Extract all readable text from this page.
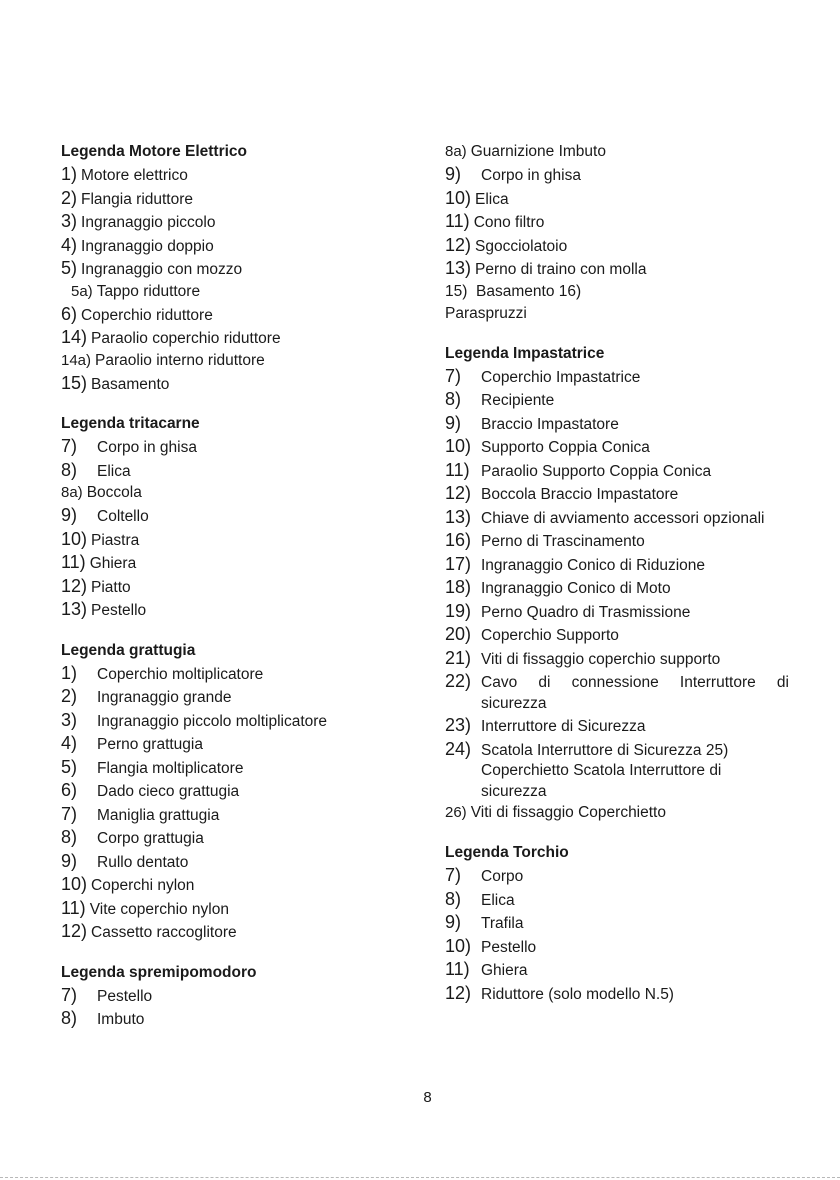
Legenda Motore Elettrico
1) Motore elettrico
2) Flangia riduttore
3) Ingranaggio piccolo
4) Ingranaggio doppio
5) Ingranaggio con mozzo
5a) Tappo riduttore
6) Coperchio riduttore
14) Paraolio coperchio riduttore
14a) Paraolio interno riduttore
15) Basamento
Legenda tritacarne
7)	Corpo in ghisa
8)	Elica
8a) Boccola
9)	Coltello
10) Piastra
11) Ghiera
12) Piatto
13) Pestello
Legenda grattugia
1)	Coperchio moltiplicatore
2)	Ingranaggio grande
3)	Ingranaggio piccolo moltiplicatore
4)	Perno grattugia
5)	Flangia moltiplicatore
6)	Dado cieco grattugia
7)	Maniglia grattugia
8)	Corpo grattugia
9)	Rullo dentato
10) Coperchi nylon
11) Vite coperchio nylon
12) Cassetto raccoglitore
Legenda spremipomodoro
7)	Pestello
8)	Imbuto
8a) Guarnizione Imbuto
9)	Corpo in ghisa
10) Elica
11) Cono filtro
12) Sgocciolatoio
13) Perno di traino con molla
15) Basamento 16) Paraspruzzi
Legenda Impastatrice
7)	Coperchio Impastatrice
8)	Recipiente
9)	Braccio Impastatore
10) Supporto Coppia Conica
11) Paraolio Supporto Coppia Conica
12) Boccola Braccio Impastatore
13) Chiave di avviamento accessori opzionali
16) Perno di Trascinamento
17) Ingranaggio Conico di Riduzione
18) Ingranaggio Conico di Moto
19) Perno Quadro di Trasmissione
20) Coperchio Supporto
21) Viti di fissaggio coperchio supporto
22) Cavo di connessione Interruttore di sicurezza
23) Interruttore di Sicurezza
24) Scatola Interruttore di Sicurezza 25) Coperchietto Scatola Interruttore di sicurezza
26) Viti di fissaggio Coperchietto
Legenda Torchio
7)	Corpo
8)	Elica
9)	Trafila
10) Pestello
11) Ghiera
12) Riduttore (solo modello N.5)
8
